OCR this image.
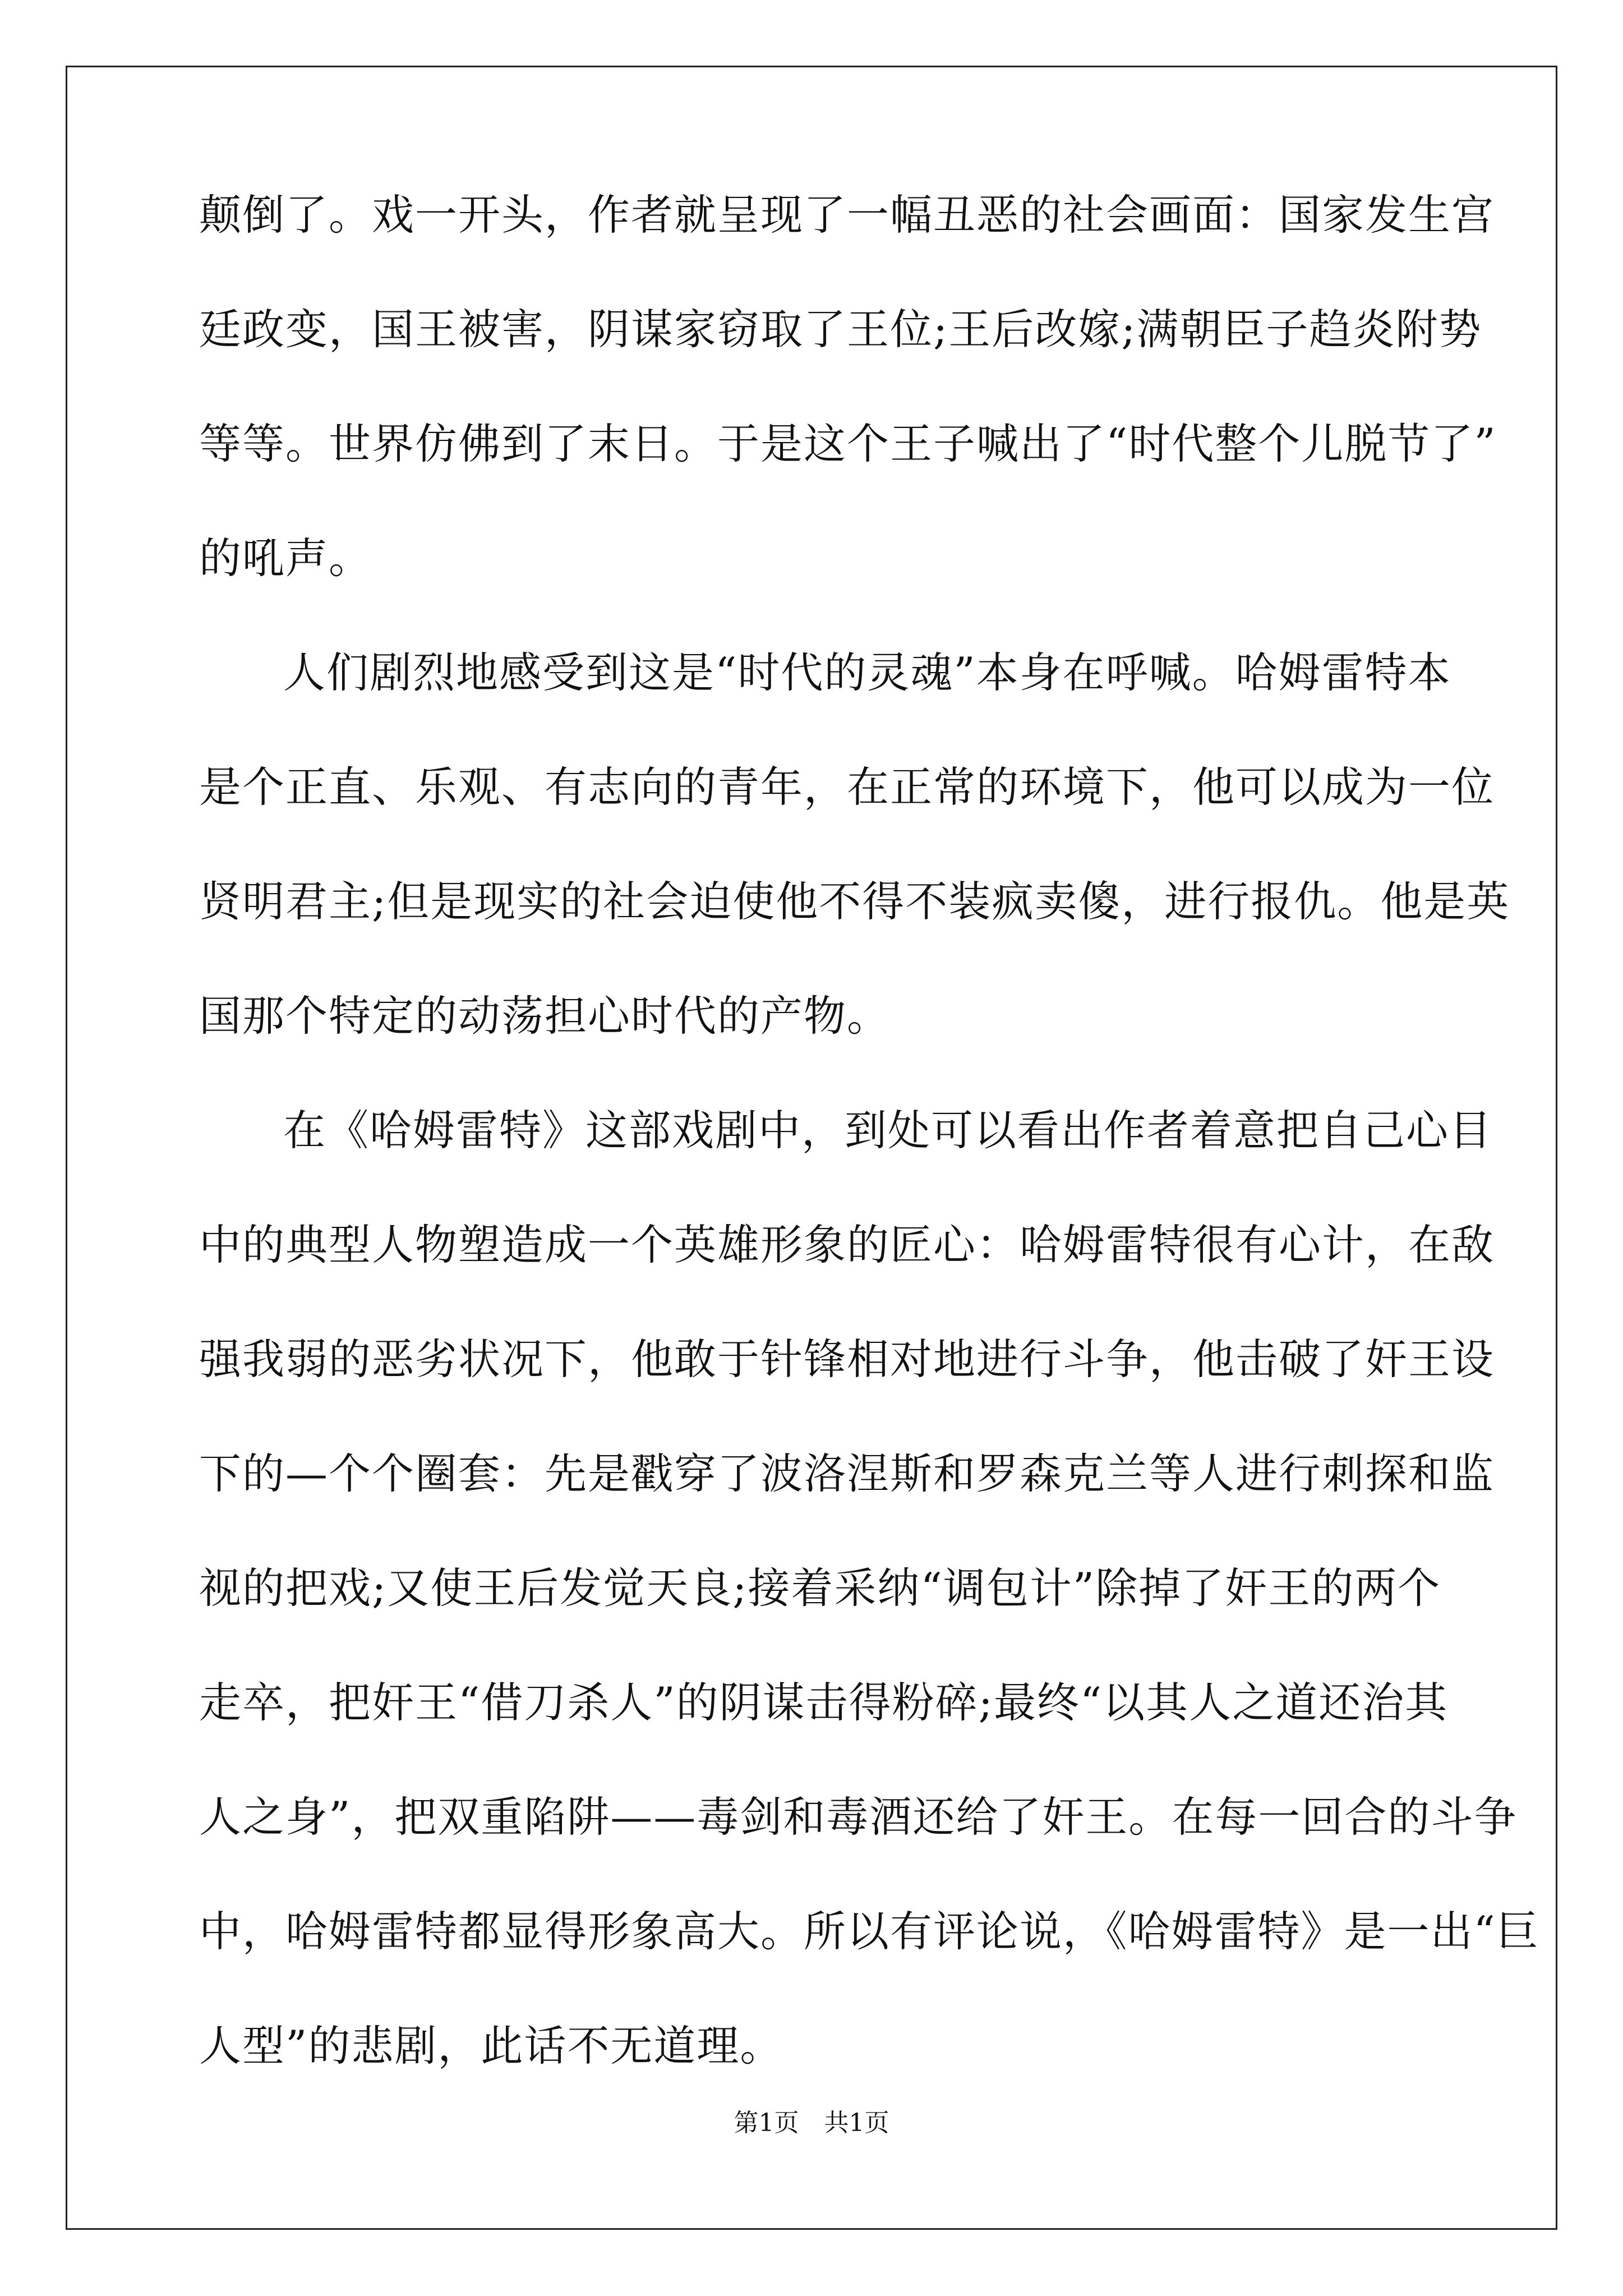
颠倒了。戏一开头，作者就呈现了一幅丑恶的社会画面：国家发生宫
廷政变，国王被害，阴谋家窃取了王位;王后改嫁;满朝臣子趋炎附势
等等。世界仿佛到了末日。于是这个王子喊出了“时代整个儿脱节了”
的吼声。
人们剧烈地感受到这是“时代的灵魂”本身在呼喊。哈姆雷特本
是个正直、乐观、有志向的青年，在正常的环境下，他可以成为一位
贤明君主;但是现实的社会迫使他不得不装疯卖傻，进行报仇。他是英
国那个特定的动荡担心时代的产物。
在《哈姆雷特》这部戏剧中，到处可以看出作者着意把自己心目
中的典型人物塑造成一个英雄形象的匠心：哈姆雷特很有心计，在敌
强我弱的恶劣状况下，他敢于针锋相对地进行斗争，他击破了奸王设
下的—个个圈套：先是戳穿了波洛涅斯和罗森克兰等人进行刺探和监
视的把戏;又使王后发觉天良;接着采纳“调包计”除掉了奸王的两个
走卒，把奸王“借刀杀人”的阴谋击得粉碎;最终“以其人之道还治其
人之身”，把双重陷阱——毒剑和毒酒还给了奸王。在每一回合的斗争
中，哈姆雷特都显得形象高大。所以有评论说，《哈姆雷特》是一出“巨
人型”的悲剧，此话不无道理。
第1页 共1页
